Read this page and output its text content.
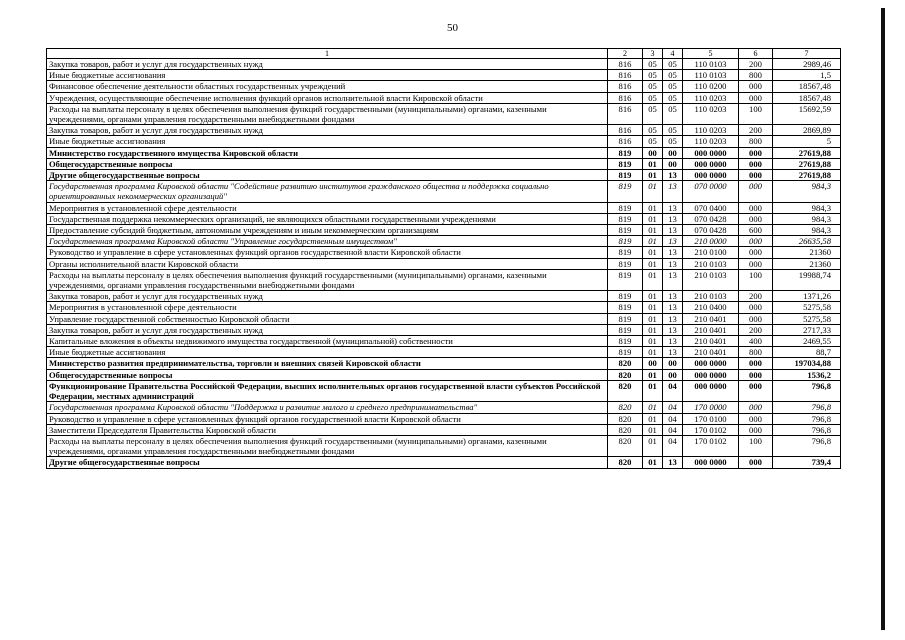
50
1	2	3	4	5	6	7
Закупка товаров, работ и услуг для государственных нужд	816	05	05	110 0103	200	2989,46
Иные бюджетные ассигнования	816	05	05	110 0103	800	1,5
Финансовое обеспечение деятельности областных государственных учреждений	816	05	05	110 0200	000	18567,48
Учреждения, осуществляющие обеспечение исполнения функций органов исполнительной власти Кировской области	816	05	05	110 0203	000	18567,48
Расходы на выплаты персоналу в целях обеспечения выполнения функций государственными (муниципальными) органами, казенными учреждениями, органами управления государственными внебюджетными фондами	816	05	05	110 0203	100	15692,59
Закупка товаров, работ и услуг для государственных нужд	816	05	05	110 0203	200	2869,89
Иные бюджетные ассигнования	816	05	05	110 0203	800	5
Министерство государственного имущества Кировской области	819	00	00	000 0000	000	27619,88
Общегосударственные вопросы	819	01	00	000 0000	000	27619,88
Другие общегосударственные вопросы	819	01	13	000 0000	000	27619,88
Государственная программа Кировской области "Содействие развитию институтов гражданского общества и поддержка социально ориентированных некоммерческих организаций"	819	01	13	070 0000	000	984,3
Мероприятия в установленной сфере деятельности	819	01	13	070 0400	000	984,3
Государственная поддержка некоммерческих организаций, не являющихся областными государственными учреждениями	819	01	13	070 0428	000	984,3
Предоставление субсидий бюджетным, автономным учреждениям и иным некоммерческим организациям	819	01	13	070 0428	600	984,3
Государственная программа Кировской области "Управление государственным имуществом"	819	01	13	210 0000	000	26635,58
Руководство и управление в сфере установленных функций органов государственной власти Кировской области	819	01	13	210 0100	000	21360
Органы исполнительной власти Кировской области	819	01	13	210 0103	000	21360
Расходы на выплаты персоналу в целях обеспечения выполнения функций государственными (муниципальными) органами, казенными учреждениями, органами управления государственными внебюджетными фондами	819	01	13	210 0103	100	19988,74
Закупка товаров, работ и услуг для государственных нужд	819	01	13	210 0103	200	1371,26
Мероприятия в установленной сфере деятельности	819	01	13	210 0400	000	5275,58
Управление государственной собственностью Кировской области	819	01	13	210 0401	000	5275,58
Закупка товаров, работ и услуг для государственных нужд	819	01	13	210 0401	200	2717,33
Капитальные вложения в объекты недвижимого имущества государственной (муниципальной) собственности	819	01	13	210 0401	400	2469,55
Иные бюджетные ассигнования	819	01	13	210 0401	800	88,7
Министерство развития предпринимательства, торговли и внешних связей Кировской области	820	00	00	000 0000	000	197034,88
Общегосударственные вопросы	820	01	00	000 0000	000	1536,2
Функционирование Правительства Российской Федерации, высших исполнительных органов государственной власти субъектов Российской Федерации, местных администраций	820	01	04	000 0000	000	796,8
Государственная программа Кировской области "Поддержка и развитие малого и среднего предпринимательства"	820	01	04	170 0000	000	796,8
Руководство и управление в сфере установленных функций органов государственной власти Кировской области	820	01	04	170 0100	000	796,8
Заместители Председателя Правительства Кировской области	820	01	04	170 0102	000	796,8
Расходы на выплаты персоналу в целях обеспечения выполнения функций государственными (муниципальными) органами, казенными учреждениями, органами управления государственными внебюджетными фондами	820	01	04	170 0102	100	796,8
Другие общегосударственные вопросы	820	01	13	000 0000	000	739,4
